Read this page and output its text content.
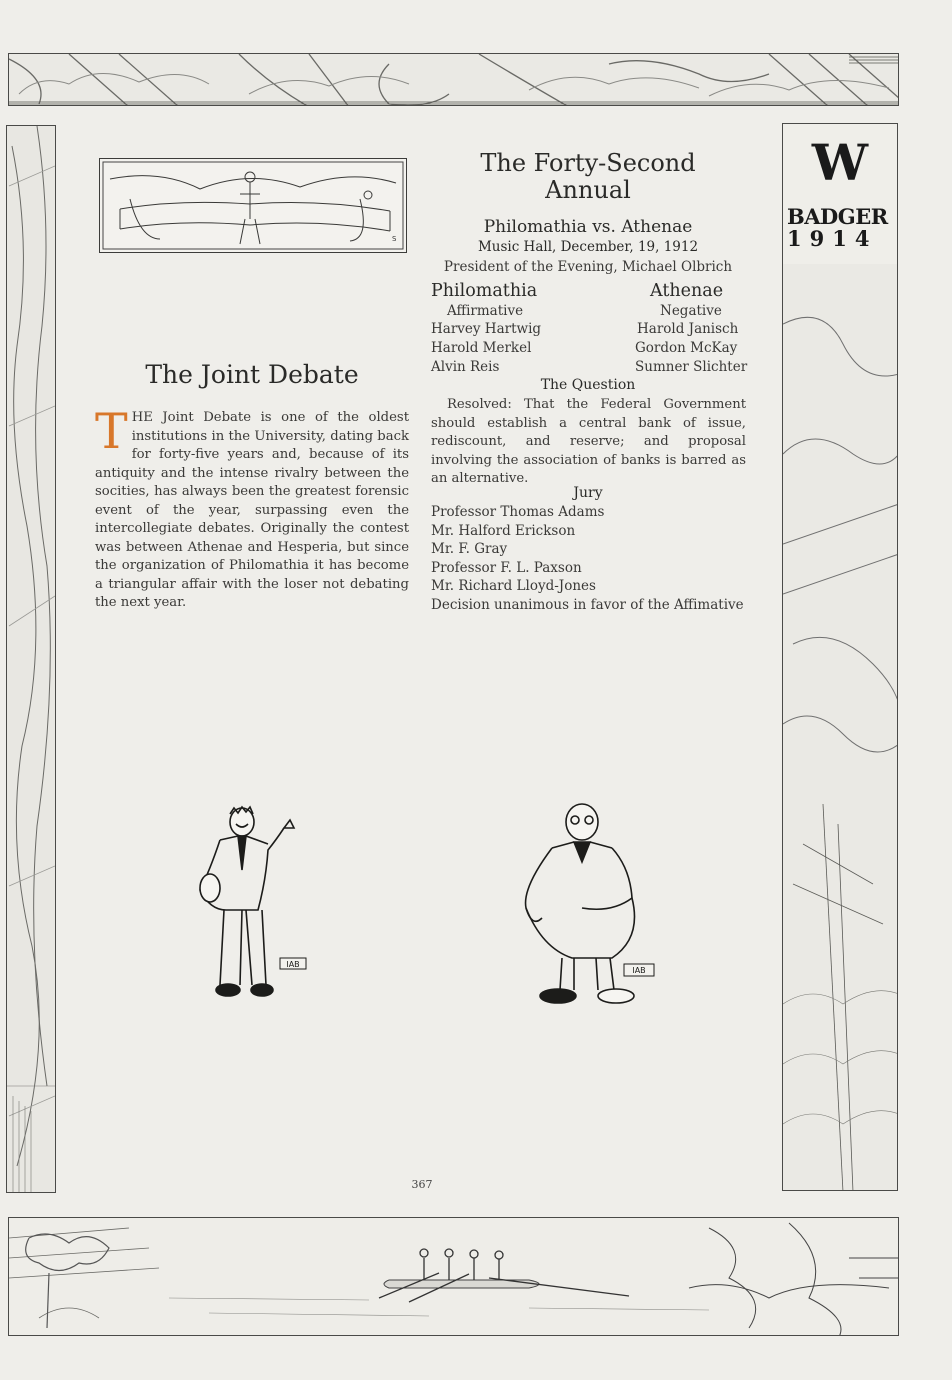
W
BADGER
1914
S
The Joint Debate
THE Joint Debate is one of the oldest institutions in the University, dating back for forty-five years and, because of its antiquity and the intense rivalry between the socities, has always been the greatest forensic event of the year, surpassing even the intercollegiate debates. Originally the contest was between Athenae and Hesperia, but since the organization of Philomathia it has become a triangular affair with the loser not debating the next year.
The Forty-Second
Annual
Philomathia vs. Athenae
Music Hall, December, 19, 1912
President of the Evening, Michael Olbrich
Philomathia	Athenae
Affirmative	Negative
Harvey Hartwig
Harold Merkel
Alvin Reis
Harold Janisch
Gordon McKay
Sumner Slichter
The Question
Resolved: That the Federal Government should establish a central bank of issue, rediscount, and reserve; and proposal involving the association of banks is barred as an alternative.
Jury
Professor Thomas Adams
Mr. Halford Erickson
Mr. F. Gray
Professor F. L. Paxson
Mr. Richard Lloyd-Jones
Decision unanimous in favor of the Affimative
IAB
IAB
367
